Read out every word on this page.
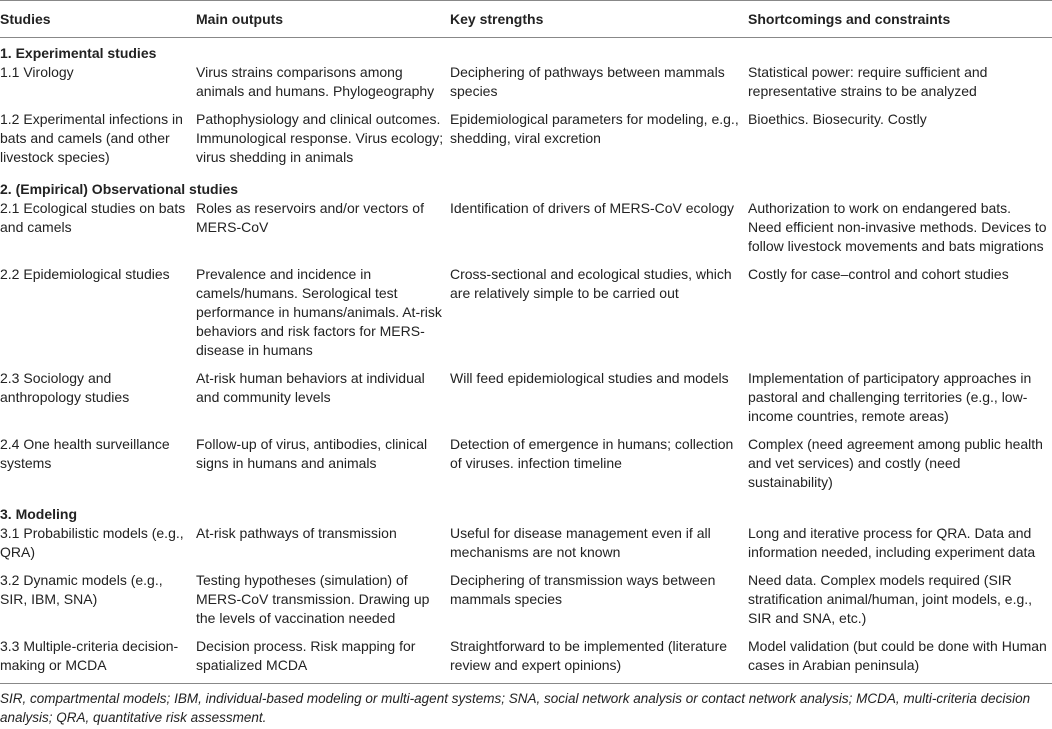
Studies	Main outputs	Key strengths	Shortcomings and constraints
1. Experimental studies			
1.1 Virology	Virus strains comparisons among animals and humans. Phylogeography	Deciphering of pathways between mammals species	Statistical power: require sufficient and representative strains to be analyzed
1.2 Experimental infections in bats and camels (and other livestock species)	Pathophysiology and clinical outcomes. Immunological response. Virus ecology; virus shedding in animals	Epidemiological parameters for modeling, e.g., shedding, viral excretion	Bioethics. Biosecurity. Costly
2. (Empirical) Observational studies			
2.1 Ecological studies on bats and camels	Roles as reservoirs and/or vectors of MERS-CoV	Identification of drivers of MERS-CoV ecology	Authorization to work on endangered bats. Need efficient non-invasive methods. Devices to follow livestock movements and bats migrations
2.2 Epidemiological studies	Prevalence and incidence in camels/humans. Serological test performance in humans/animals. At-risk behaviors and risk factors for MERS-disease in humans	Cross-sectional and ecological studies, which are relatively simple to be carried out	Costly for case–control and cohort studies
2.3 Sociology and anthropology studies	At-risk human behaviors at individual and community levels	Will feed epidemiological studies and models	Implementation of participatory approaches in pastoral and challenging territories (e.g., low-income countries, remote areas)
2.4 One health surveillance systems	Follow-up of virus, antibodies, clinical signs in humans and animals	Detection of emergence in humans; collection of viruses. infection timeline	Complex (need agreement among public health and vet services) and costly (need sustainability)
3. Modeling			
3.1 Probabilistic models (e.g., QRA)	At-risk pathways of transmission	Useful for disease management even if all mechanisms are not known	Long and iterative process for QRA. Data and information needed, including experiment data
3.2 Dynamic models (e.g., SIR, IBM, SNA)	Testing hypotheses (simulation) of MERS-CoV transmission. Drawing up the levels of vaccination needed	Deciphering of transmission ways between mammals species	Need data. Complex models required (SIR stratification animal/human, joint models, e.g., SIR and SNA, etc.)
3.3 Multiple-criteria decision-making or MCDA	Decision process. Risk mapping for spatialized MCDA	Straightforward to be implemented (literature review and expert opinions)	Model validation (but could be done with Human cases in Arabian peninsula)
SIR, compartmental models; IBM, individual-based modeling or multi-agent systems; SNA, social network analysis or contact network analysis; MCDA, multi-criteria decision analysis; QRA, quantitative risk assessment.
